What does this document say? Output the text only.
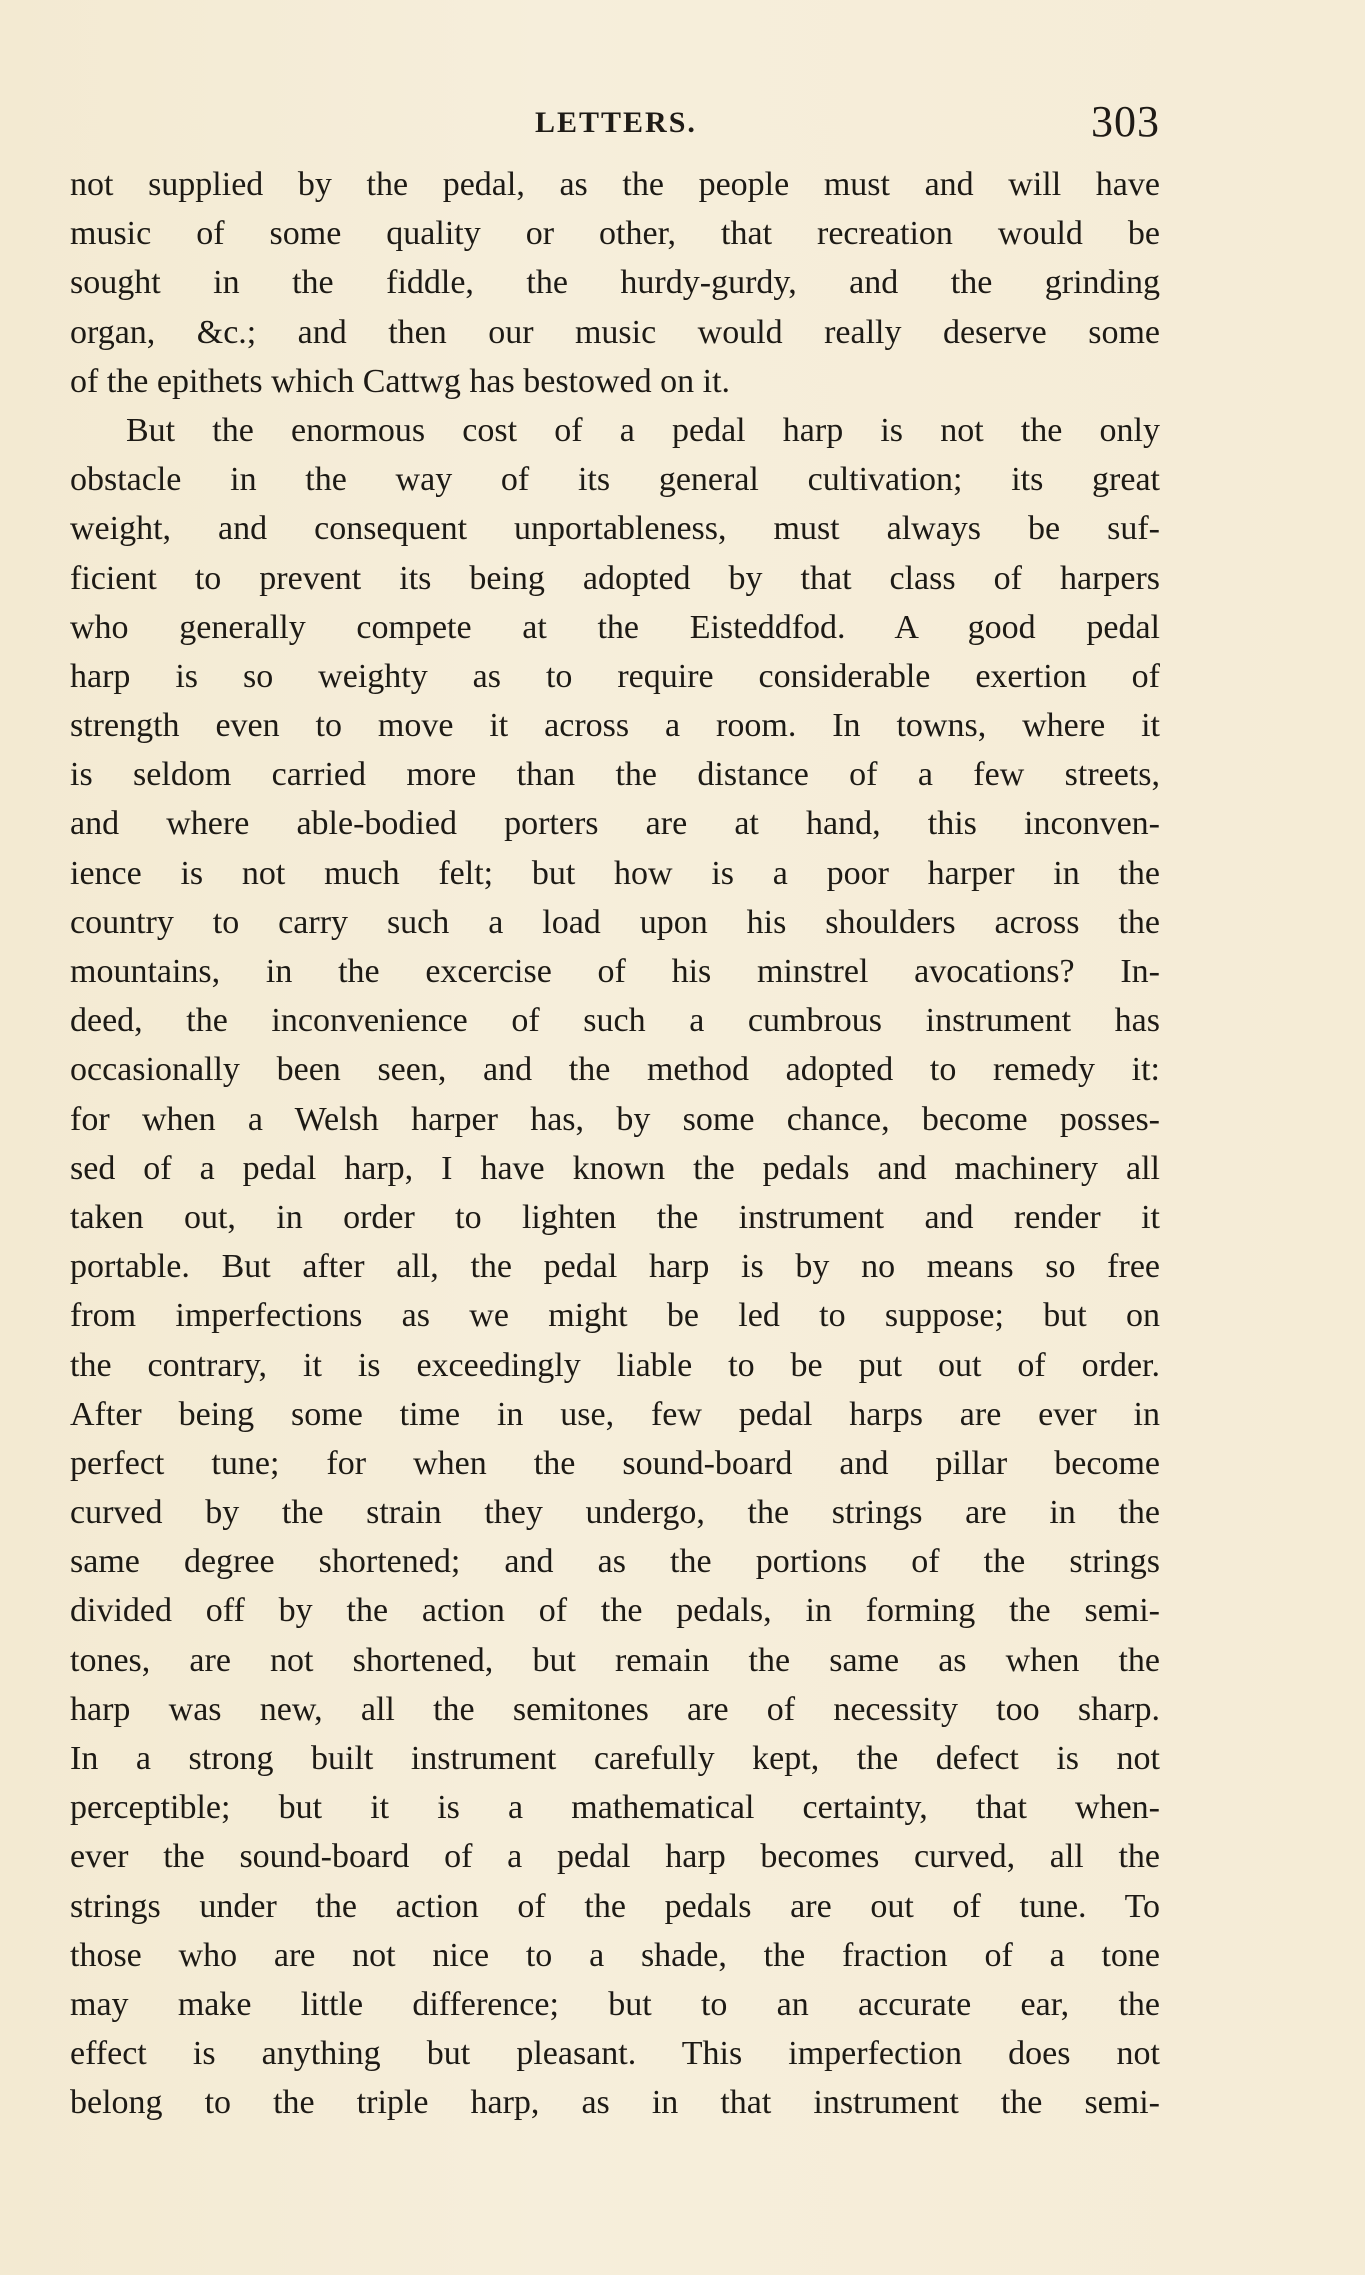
LETTERS.	303
not supplied by the pedal, as the people must and will have
music of some quality or other, that recreation would be
sought in the fiddle, the hurdy-gurdy, and the grinding
organ, &c.; and then our music would really deserve some
of the epithets which Cattwg has bestowed on it.
But the enormous cost of a pedal harp is not the only
obstacle in the way of its general cultivation; its great
weight, and consequent unportableness, must always be suf-
ficient to prevent its being adopted by that class of harpers
who generally compete at the Eisteddfod. A good pedal
harp is so weighty as to require considerable exertion of
strength even to move it across a room. In towns, where it
is seldom carried more than the distance of a few streets,
and where able-bodied porters are at hand, this inconven-
ience is not much felt; but how is a poor harper in the
country to carry such a load upon his shoulders across the
mountains, in the excercise of his minstrel avocations? In-
deed, the inconvenience of such a cumbrous instrument has
occasionally been seen, and the method adopted to remedy it:
for when a Welsh harper has, by some chance, become posses-
sed of a pedal harp, I have known the pedals and machinery all
taken out, in order to lighten the instrument and render it
portable. But after all, the pedal harp is by no means so free
from imperfections as we might be led to suppose; but on
the contrary, it is exceedingly liable to be put out of order.
After being some time in use, few pedal harps are ever in
perfect tune; for when the sound-board and pillar become
curved by the strain they undergo, the strings are in the
same degree shortened; and as the portions of the strings
divided off by the action of the pedals, in forming the semi-
tones, are not shortened, but remain the same as when the
harp was new, all the semitones are of necessity too sharp.
In a strong built instrument carefully kept, the defect is not
perceptible; but it is a mathematical certainty, that when-
ever the sound-board of a pedal harp becomes curved, all the
strings under the action of the pedals are out of tune. To
those who are not nice to a shade, the fraction of a tone
may make little difference; but to an accurate ear, the
effect is anything but pleasant. This imperfection does not
belong to the triple harp, as in that instrument the semi-
